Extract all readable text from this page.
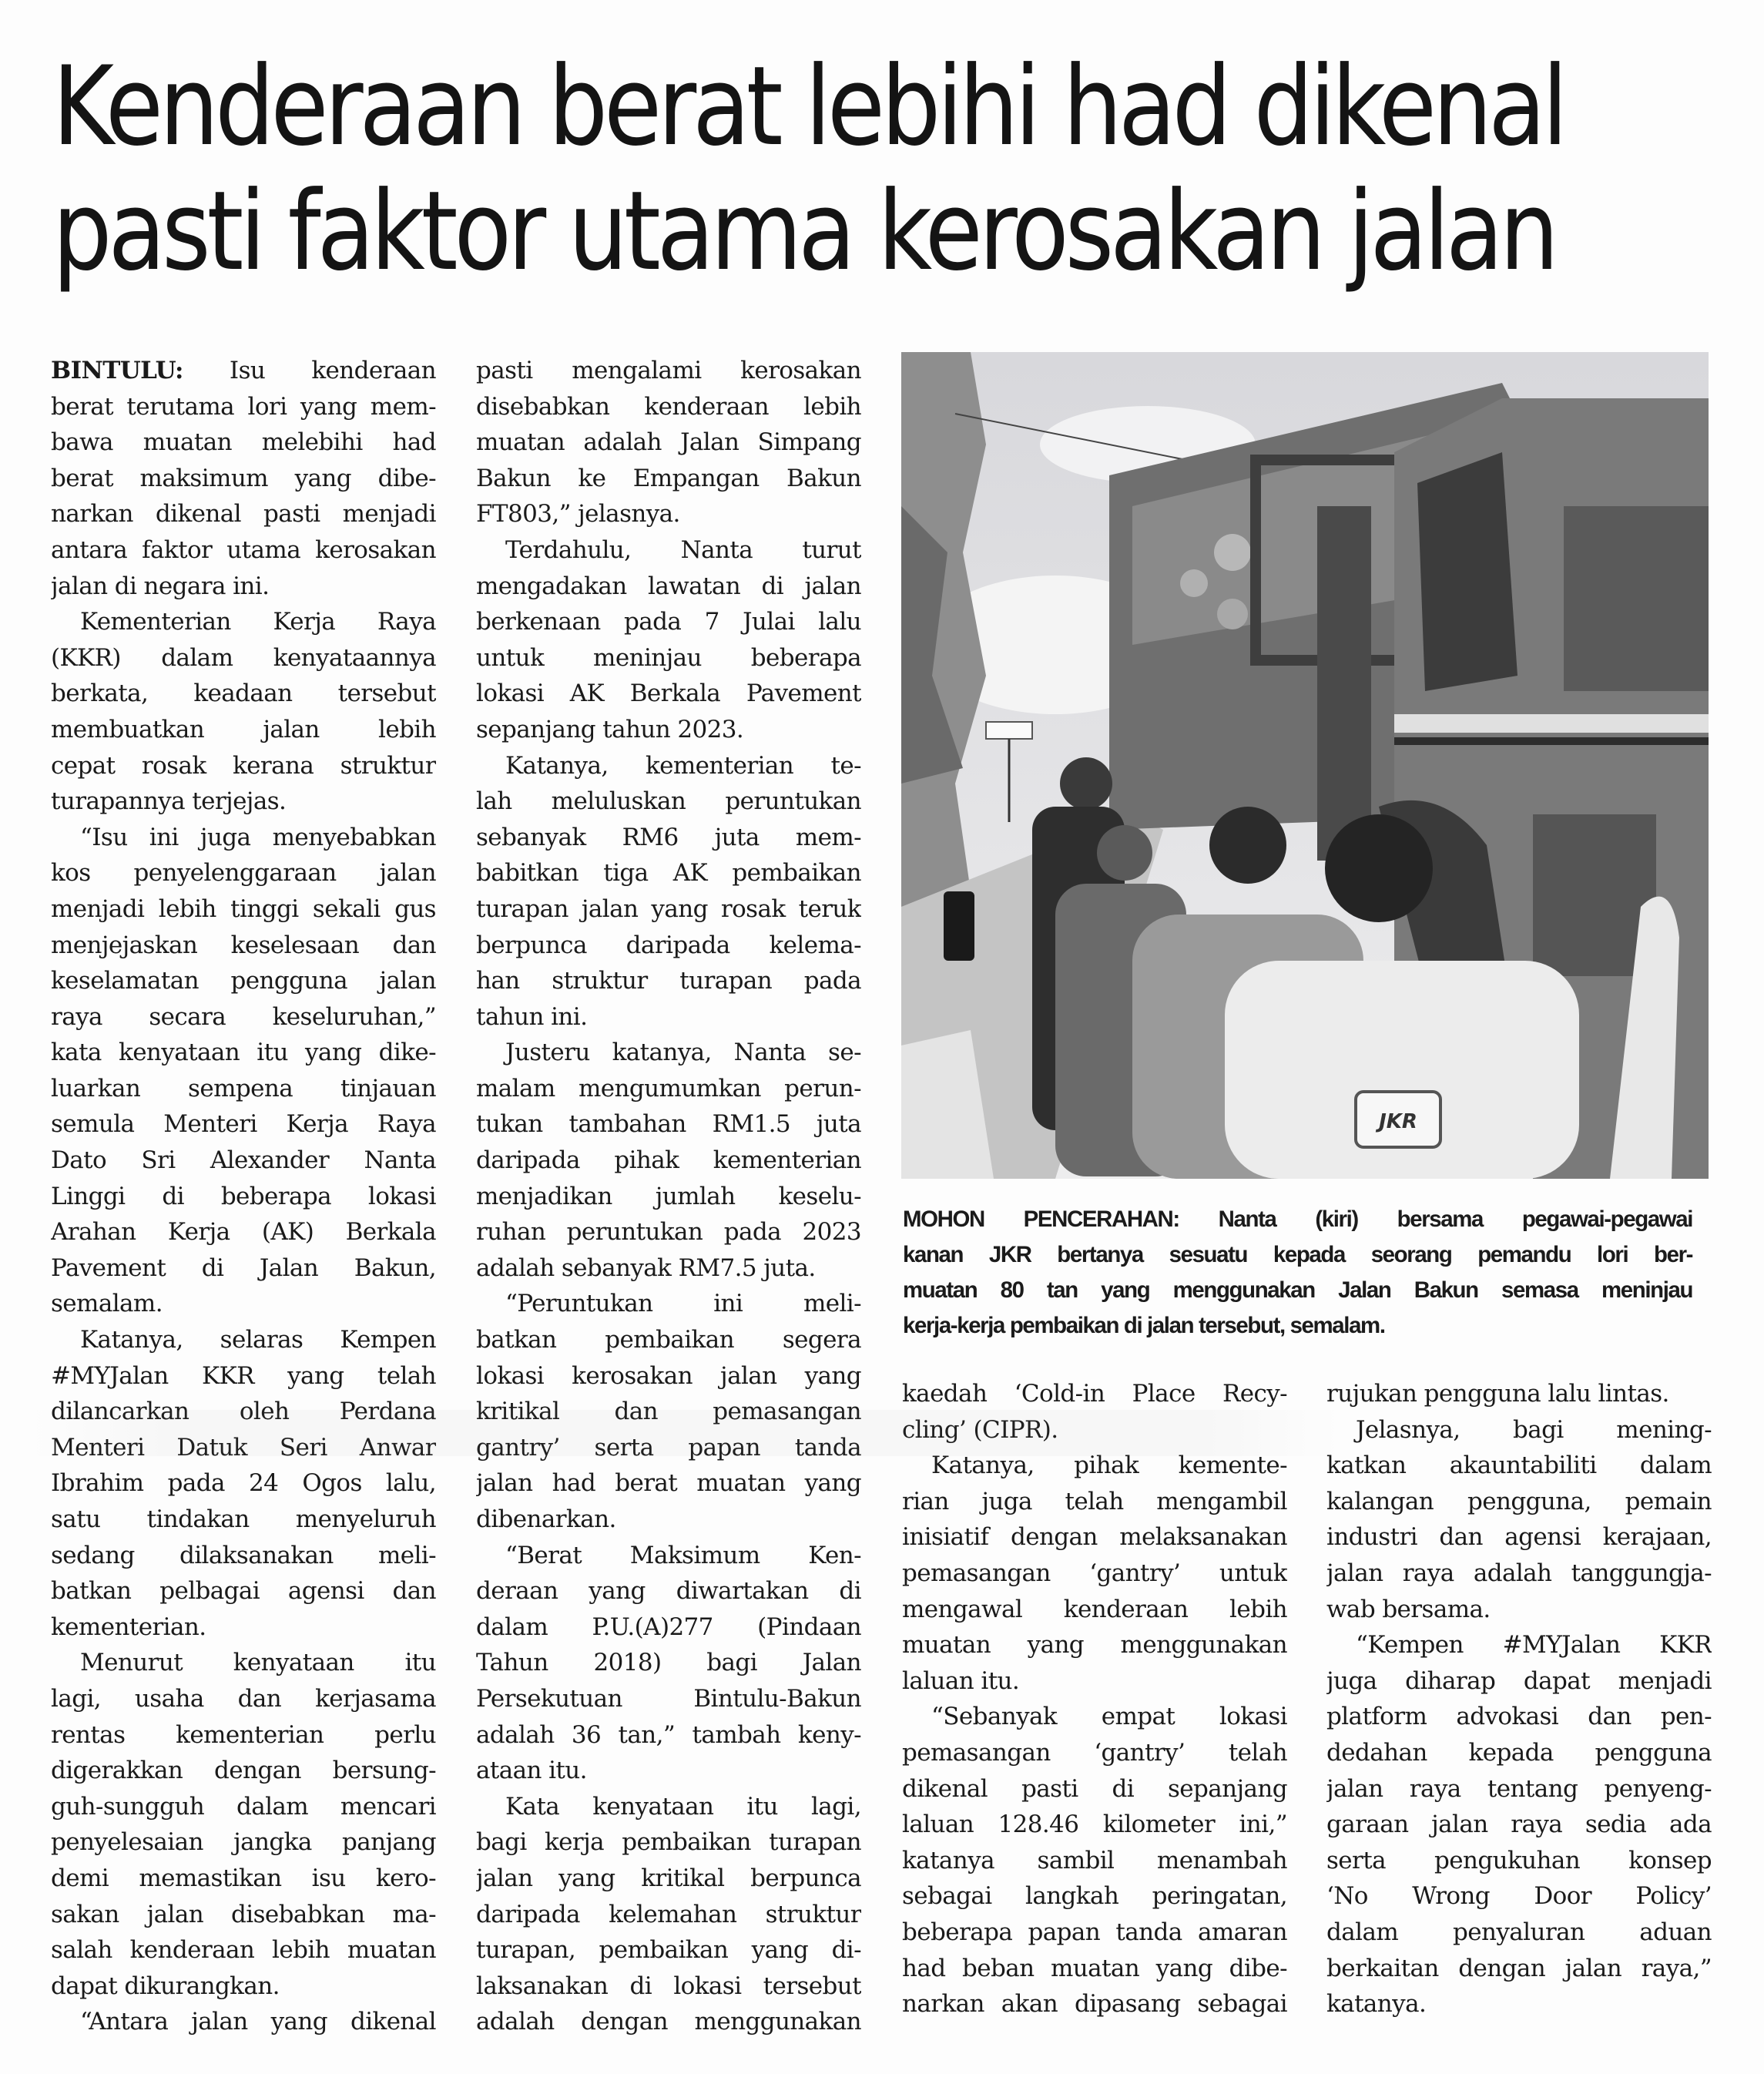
Kenderaan berat lebihi had dikenal
pasti faktor utama kerosakan jalan
BINTULU: Isu kenderaan
berat terutama lori yang mem-
bawa muatan melebihi had
berat maksimum yang dibe-
narkan dikenal pasti menjadi
antara faktor utama kerosakan
jalan di negara ini.
Kementerian Kerja Raya
(KKR) dalam kenyataannya
berkata, keadaan tersebut
membuatkan jalan lebih
cepat rosak kerana struktur
turapannya terjejas.
“Isu ini juga menyebabkan
kos penyelenggaraan jalan
menjadi lebih tinggi sekali gus
menjejaskan keselesaan dan
keselamatan pengguna jalan
raya secara keseluruhan,”
kata kenyataan itu yang dike-
luarkan sempena tinjauan
semula Menteri Kerja Raya
Dato Sri Alexander Nanta
Linggi di beberapa lokasi
Arahan Kerja (AK) Berkala
Pavement di Jalan Bakun,
semalam.
Katanya, selaras Kempen
#MYJalan KKR yang telah
dilancarkan oleh Perdana
Menteri Datuk Seri Anwar
Ibrahim pada 24 Ogos lalu,
satu tindakan menyeluruh
sedang dilaksanakan meli-
batkan pelbagai agensi dan
kementerian.
Menurut kenyataan itu
lagi, usaha dan kerjasama
rentas kementerian perlu
digerakkan dengan bersung-
guh-sungguh dalam mencari
penyelesaian jangka panjang
demi memastikan isu kero-
sakan jalan disebabkan ma-
salah kenderaan lebih muatan
dapat dikurangkan.
“Antara jalan yang dikenal
pasti mengalami kerosakan
disebabkan kenderaan lebih
muatan adalah Jalan Simpang
Bakun ke Empangan Bakun
FT803,” jelasnya.
Terdahulu, Nanta turut
mengadakan lawatan di jalan
berkenaan pada 7 Julai lalu
untuk meninjau beberapa
lokasi AK Berkala Pavement
sepanjang tahun 2023.
Katanya, kementerian te-
lah meluluskan peruntukan
sebanyak RM6 juta mem-
babitkan tiga AK pembaikan
turapan jalan yang rosak teruk
berpunca daripada kelema-
han struktur turapan pada
tahun ini.
Justeru katanya, Nanta se-
malam mengumumkan perun-
tukan tambahan RM1.5 juta
daripada pihak kementerian
menjadikan jumlah keselu-
ruhan peruntukan pada 2023
adalah sebanyak RM7.5 juta.
“Peruntukan ini meli-
batkan pembaikan segera
lokasi kerosakan jalan yang
kritikal dan pemasangan
gantry’ serta papan tanda
jalan had berat muatan yang
dibenarkan.
“Berat Maksimum Ken-
deraan yang diwartakan di
dalam P.U.(A)277 (Pindaan
Tahun 2018) bagi Jalan
Persekutuan Bintulu-Bakun
adalah 36 tan,” tambah keny-
ataan itu.
Kata kenyataan itu lagi,
bagi kerja pembaikan turapan
jalan yang kritikal berpunca
daripada kelemahan struktur
turapan, pembaikan yang di-
laksanakan di lokasi tersebut
adalah dengan menggunakan
JKR
MOHON PENCERAHAN: Nanta (kiri) bersama pegawai-pegawai
kanan JKR bertanya sesuatu kepada seorang pemandu lori ber-
muatan 80 tan yang menggunakan Jalan Bakun semasa meninjau
kerja-kerja pembaikan di jalan tersebut, semalam.
kaedah ‘Cold-in Place Recy-
cling’ (CIPR).
Katanya, pihak kemente-
rian juga telah mengambil
inisiatif dengan melaksanakan
pemasangan ‘gantry’ untuk
mengawal kenderaan lebih
muatan yang menggunakan
laluan itu.
“Sebanyak empat lokasi
pemasangan ‘gantry’ telah
dikenal pasti di sepanjang
laluan 128.46 kilometer ini,”
katanya sambil menambah
sebagai langkah peringatan,
beberapa papan tanda amaran
had beban muatan yang dibe-
narkan akan dipasang sebagai
rujukan pengguna lalu lintas.
Jelasnya, bagi mening-
katkan akauntabiliti dalam
kalangan pengguna, pemain
industri dan agensi kerajaan,
jalan raya adalah tanggungja-
wab bersama.
“Kempen #MYJalan KKR
juga diharap dapat menjadi
platform advokasi dan pen-
dedahan kepada pengguna
jalan raya tentang penyeng-
garaan jalan raya sedia ada
serta pengukuhan konsep
‘No Wrong Door Policy’
dalam penyaluran aduan
berkaitan dengan jalan raya,”
katanya.
